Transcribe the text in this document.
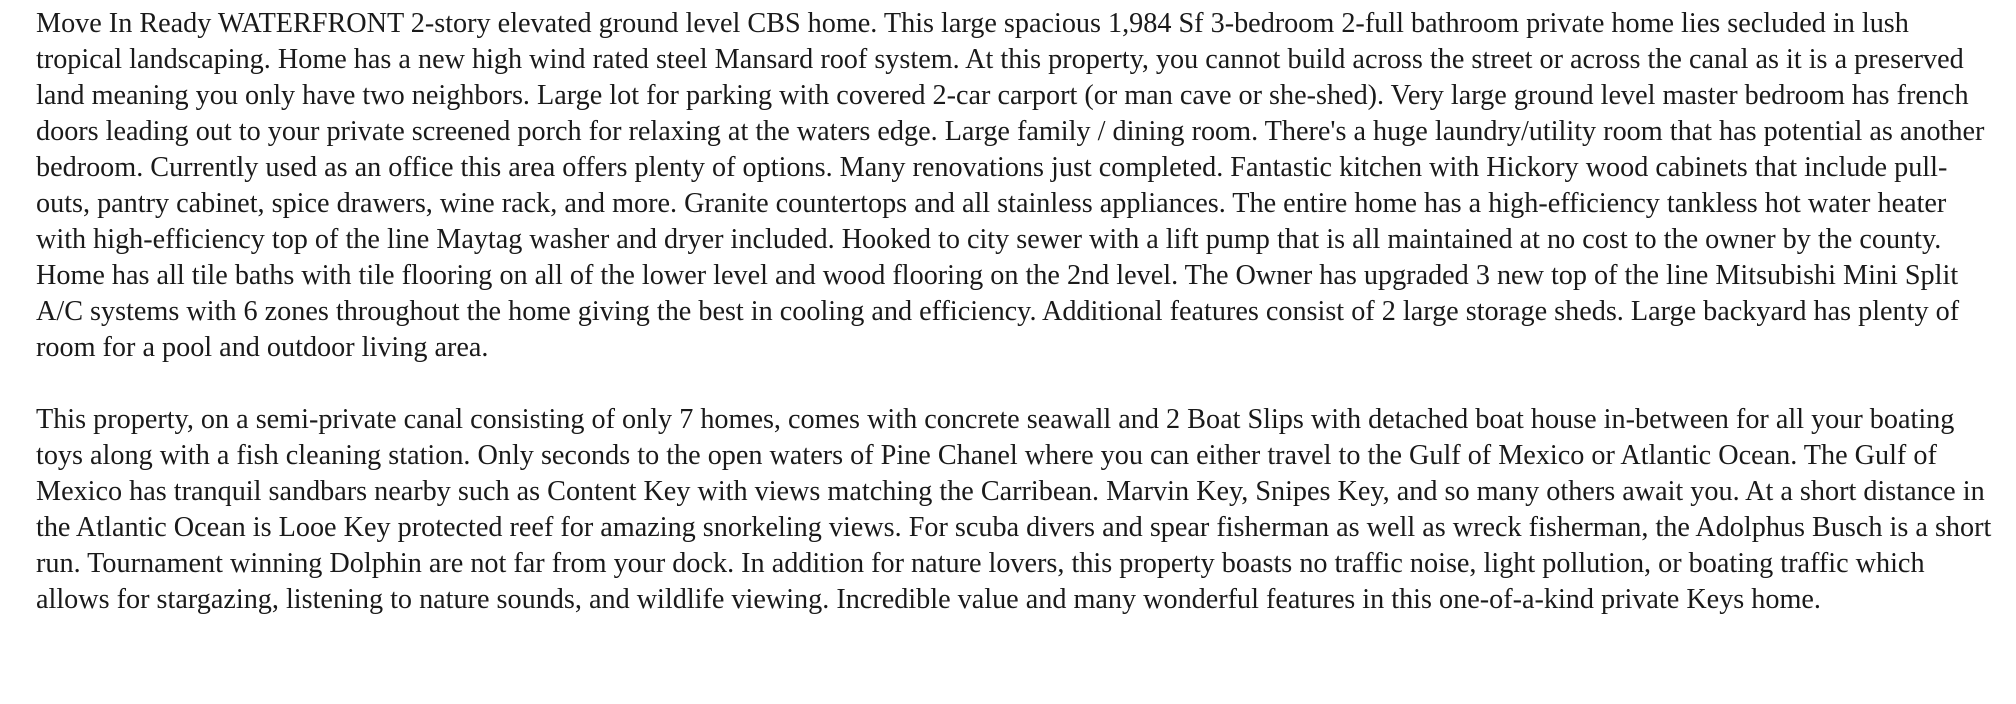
Move In Ready WATERFRONT 2-story elevated ground level CBS home. This large spacious 1,984 Sf 3-bedroom 2-full bathroom private home lies secluded in lush tropical landscaping. Home has a new high wind rated steel Mansard roof system. At this property, you cannot build across the street or across the canal as it is a preserved land meaning you only have two neighbors. Large lot for parking with covered 2-car carport (or man cave or she-shed). Very large ground level master bedroom has french doors leading out to your private screened porch for relaxing at the waters edge. Large family / dining room. There's a huge laundry/utility room that has potential as another bedroom. Currently used as an office this area offers plenty of options. Many renovations just completed. Fantastic kitchen with Hickory wood cabinets that include pull-outs, pantry cabinet, spice drawers, wine rack, and more. Granite countertops and all stainless appliances. The entire home has a high-efficiency tankless hot water heater with high-efficiency top of the line Maytag washer and dryer included. Hooked to city sewer with a lift pump that is all maintained at no cost to the owner by the county. Home has all tile baths with tile flooring on all of the lower level and wood flooring on the 2nd level. The Owner has upgraded 3 new top of the line Mitsubishi Mini Split A/C systems with 6 zones throughout the home giving the best in cooling and efficiency. Additional features consist of 2 large storage sheds. Large backyard has plenty of room for a pool and outdoor living area.

This property, on a semi-private canal consisting of only 7 homes, comes with concrete seawall and 2 Boat Slips with detached boat house in-between for all your boating toys along with a fish cleaning station. Only seconds to the open waters of Pine Chanel where you can either travel to the Gulf of Mexico or Atlantic Ocean. The Gulf of Mexico has tranquil sandbars nearby such as Content Key with views matching the Carribean. Marvin Key, Snipes Key, and so many others await you. At a short distance in the Atlantic Ocean is Looe Key protected reef for amazing snorkeling views. For scuba divers and spear fisherman as well as wreck fisherman, the Adolphus Busch is a short run. Tournament winning Dolphin are not far from your dock. In addition for nature lovers, this property boasts no traffic noise, light pollution, or boating traffic which allows for stargazing, listening to nature sounds, and wildlife viewing. Incredible value and many wonderful features in this one-of-a-kind private Keys home.
